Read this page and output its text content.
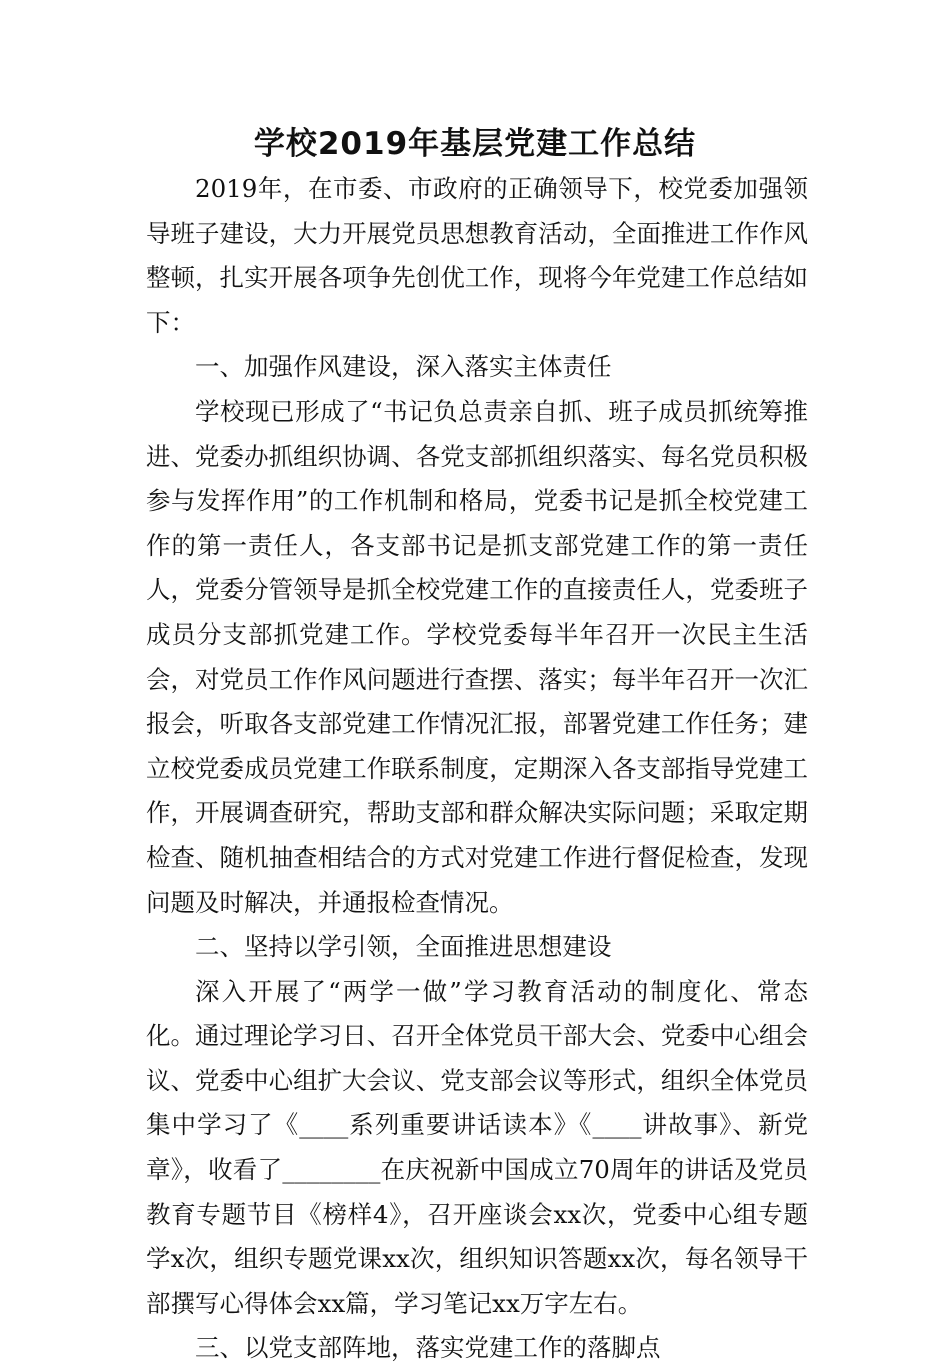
学校2019年基层党建工作总结

2019年，在市委、市政府的正确领导下，校党委加强领导班子建设，大力开展党员思想教育活动，全面推进工作作风整顿，扎实开展各项争先创优工作，现将今年党建工作总结如下：

一、加强作风建设，深入落实主体责任

学校现已形成了“书记负总责亲自抓、班子成员抓统筹推进、党委办抓组织协调、各党支部抓组织落实、每名党员积极参与发挥作用”的工作机制和格局，党委书记是抓全校党建工作的第一责任人，各支部书记是抓支部党建工作的第一责任人，党委分管领导是抓全校党建工作的直接责任人，党委班子成员分支部抓党建工作。学校党委每半年召开一次民主生活会，对党员工作作风问题进行查摆、落实；每半年召开一次汇报会，听取各支部党建工作情况汇报，部署党建工作任务；建立校党委成员党建工作联系制度，定期深入各支部指导党建工作，开展调查研究，帮助支部和群众解决实际问题；采取定期检查、随机抽查相结合的方式对党建工作进行督促检查，发现问题及时解决，并通报检查情况。

二、坚持以学引领，全面推进思想建设

深入开展了“两学一做”学习教育活动的制度化、常态化。通过理论学习日、召开全体党员干部大会、党委中心组会议、党委中心组扩大会议、党支部会议等形式，组织全体党员集中学习了《____系列重要讲话读本》《____讲故事》、新党章》，收看了________在庆祝新中国成立70周年的讲话及党员教育专题节目《榜样4》，召开座谈会xx次，党委中心组专题学x次，组织专题党课xx次，组织知识答题xx次，每名领导干部撰写心得体会xx篇，学习笔记xx万字左右。

三、以党支部阵地，落实党建工作的落脚点
